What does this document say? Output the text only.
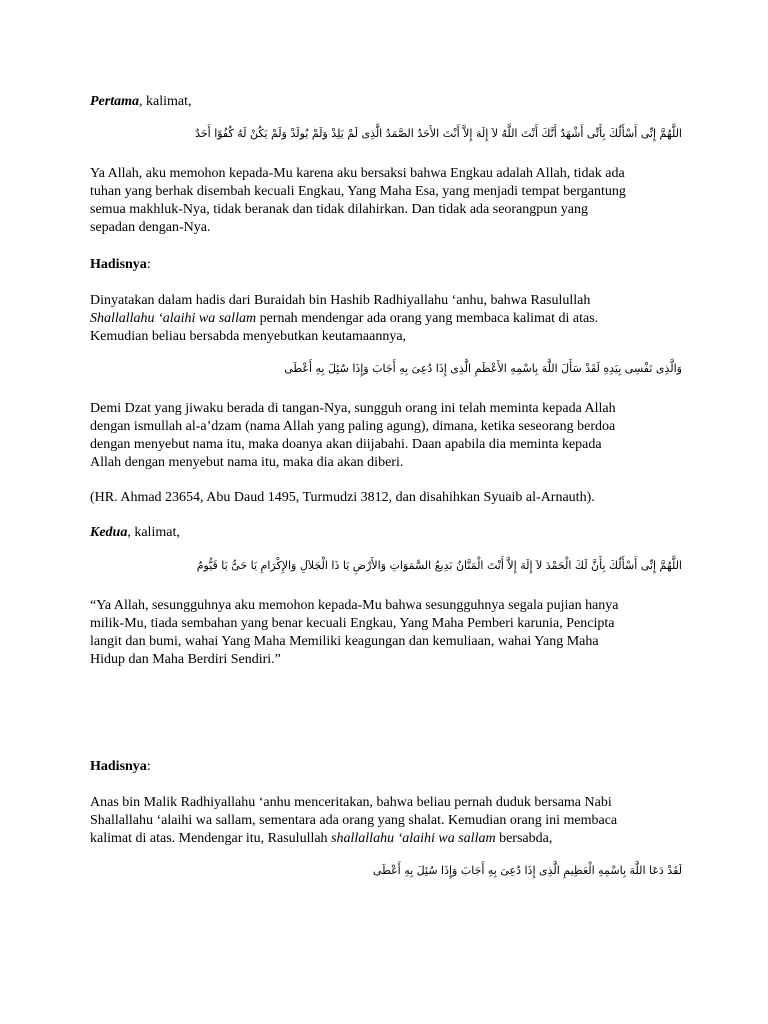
Pertama, kalimat,
اللَّهُمَّ إِنِّى أَسْأَلُكَ بِأَنِّى أَشْهَدُ أَنَّكَ أَنْتَ اللَّهُ لاَ إِلَهَ إِلاَّ أَنْتَ الأَحَدُ الصَّمَدُ الَّذِى لَمْ يَلِدْ وَلَمْ يُولَدْ وَلَمْ يَكُنْ لَهُ كُفُوًا أَحَدٌ
Ya Allah, aku memohon kepada-Mu karena aku bersaksi bahwa Engkau adalah Allah, tidak ada
tuhan yang berhak disembah kecuali Engkau, Yang Maha Esa, yang menjadi tempat bergantung
semua makhluk-Nya, tidak beranak dan tidak dilahirkan. Dan tidak ada seorangpun yang
sepadan dengan-Nya.
Hadisnya:
Dinyatakan dalam hadis dari Buraidah bin Hashib Radhiyallahu ‘anhu, bahwa Rasulullah
Shallallahu ‘alaihi wa sallam pernah mendengar ada orang yang membaca kalimat di atas.
Kemudian beliau bersabda menyebutkan keutamaannya,
وَالَّذِى نَفْسِى بِيَدِهِ لَقَدْ سَأَلَ اللَّهَ بِاسْمِهِ الأَعْظَمِ الَّذِى إِذَا دُعِىَ بِهِ أَجَابَ وَإِذَا سُئِلَ بِهِ أَعْطَى
Demi Dzat yang jiwaku berada di tangan-Nya, sungguh orang ini telah meminta kepada Allah
dengan ismullah al-a’dzam (nama Allah yang paling agung), dimana, ketika seseorang berdoa
dengan menyebut nama itu, maka doanya akan diijabahi. Daan apabila dia meminta kepada
Allah dengan menyebut nama itu, maka dia akan diberi.
(HR. Ahmad 23654, Abu Daud 1495, Turmudzi 3812, dan disahihkan Syuaib al-Arnauth).
Kedua, kalimat,
اللَّهُمَّ إِنِّى أَسْأَلُكَ بِأَنَّ لَكَ الْحَمْدَ لاَ إِلَهَ إِلاَّ أَنْتَ الْمَنَّانُ بَدِيعُ السَّمَوَاتِ وَالأَرْضِ يَا ذَا الْجَلاَلِ وَالإِكْرَامِ يَا حَىُّ يَا قَيُّومُ
“Ya Allah, sesungguhnya aku memohon kepada-Mu bahwa sesungguhnya segala pujian hanya
milik-Mu, tiada sembahan yang benar kecuali Engkau, Yang Maha Pemberi karunia, Pencipta
langit dan bumi, wahai Yang Maha Memiliki keagungan dan kemuliaan, wahai Yang Maha
Hidup dan Maha Berdiri Sendiri.”
Hadisnya:
Anas bin Malik Radhiyallahu ‘anhu menceritakan, bahwa beliau pernah duduk bersama Nabi
Shallallahu ‘alaihi wa sallam, sementara ada orang yang shalat. Kemudian orang ini membaca
kalimat di atas. Mendengar itu, Rasulullah shallallahu ‘alaihi wa sallam bersabda,
لَقَدْ دَعَا اللَّهَ بِاسْمِهِ الْعَظِيمِ الَّذِى إِذَا دُعِىَ بِهِ أَجَابَ وَإِذَا سُئِلَ بِهِ أَعْطَى
